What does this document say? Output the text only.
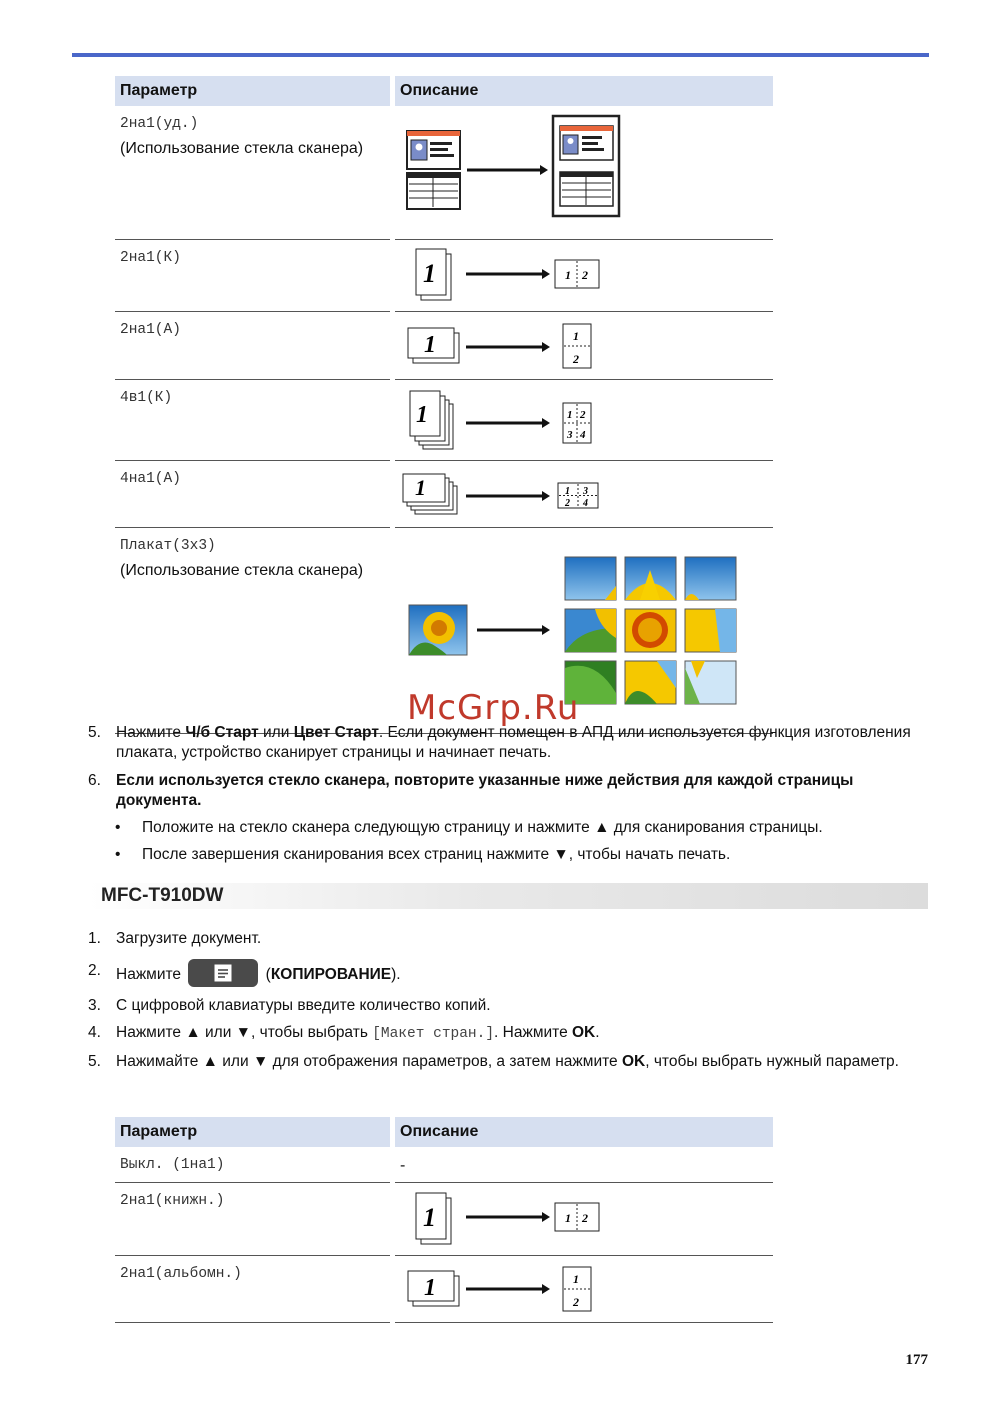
Параметр	Описание

2на1(уд.)
(Использование стекла сканера)

2на1(К)	1 1 2

2на1(А)	1 1
2

4в1(К)	1 1 2
3 4

4на1(А)	1 1 3
2 4

Плакат(3x3)
(Использование стекла сканера)

McGrp.Ru
5. Нажмите Ч/б Старт или Цвет Старт. Если документ помещен в АПД или используется функция изготовления плаката, устройство сканирует страницы и начинает печать.
6. Если используется стекло сканера, повторите указанные ниже действия для каждой страницы документа.
• Положите на стекло сканера следующую страницу и нажмите ▲ для сканирования страницы.
• После завершения сканирования всех страниц нажмите ▼, чтобы начать печать.
MFC-T910DW
1. Загрузите документ.
2. Нажмите	(КОПИРОВАНИЕ).
3. С цифровой клавиатуры введите количество копий.
4. Нажмите ▲ или ▼, чтобы выбрать [Макет стран.]. Нажмите OK.
5. Нажимайте ▲ или ▼ для отображения параметров, а затем нажмите OK, чтобы выбрать нужный параметр.
Параметр	Описание

Выкл. (1на1)	-

2на1(книжн.)	1 1 2

2на1(альбомн.)	1 1
2
177
